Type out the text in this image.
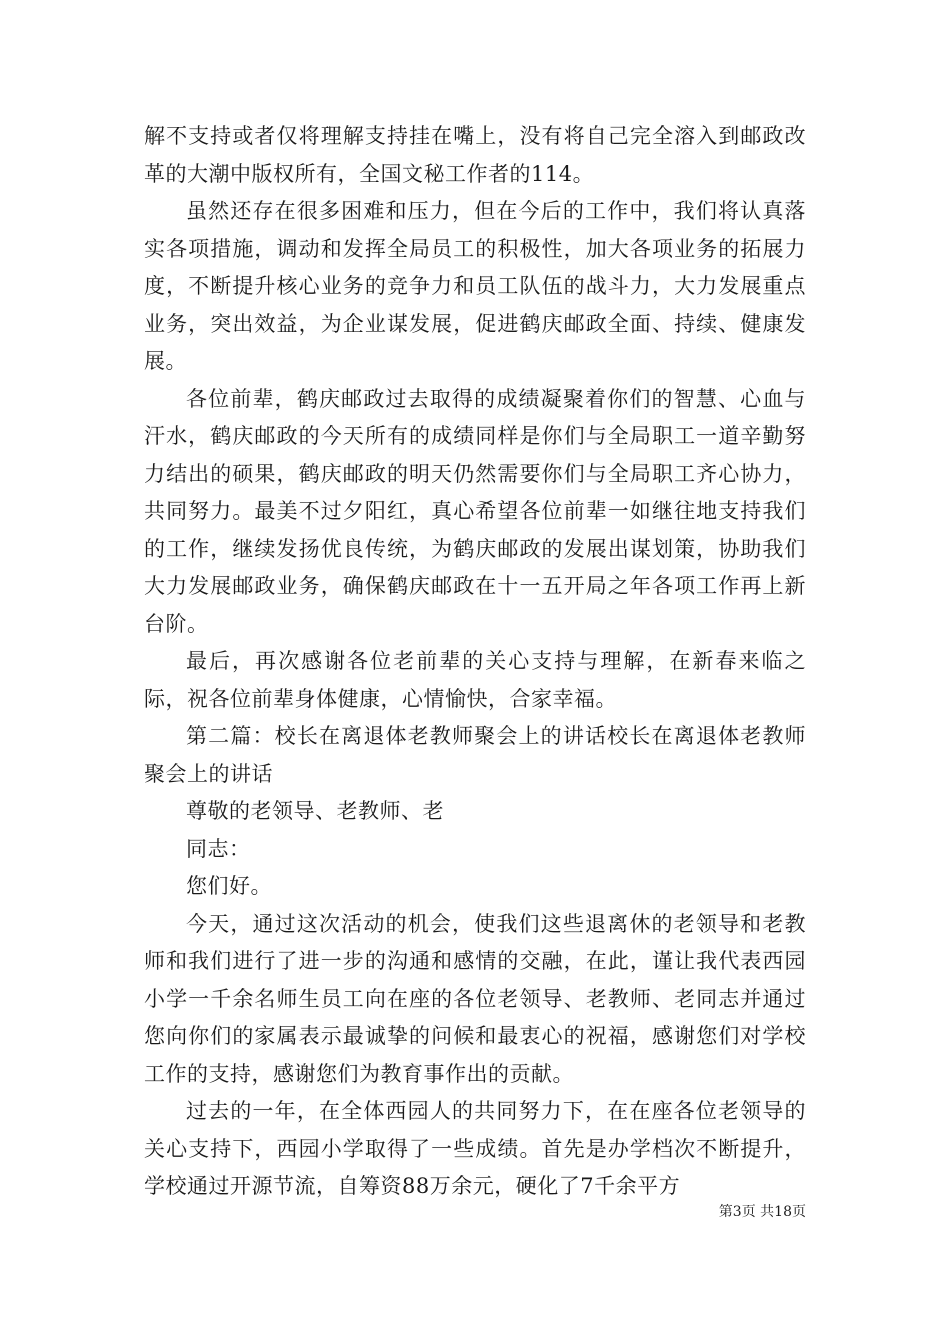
解不支持或者仅将理解支持挂在嘴上，没有将自己完全溶入到邮政改革的大潮中版权所有，全国文秘工作者的114。

虽然还存在很多困难和压力，但在今后的工作中，我们将认真落实各项措施，调动和发挥全局员工的积极性，加大各项业务的拓展力度，不断提升核心业务的竞争力和员工队伍的战斗力，大力发展重点业务，突出效益，为企业谋发展，促进鹤庆邮政全面、持续、健康发展。

各位前辈，鹤庆邮政过去取得的成绩凝聚着你们的智慧、心血与汗水，鹤庆邮政的今天所有的成绩同样是你们与全局职工一道辛勤努力结出的硕果，鹤庆邮政的明天仍然需要你们与全局职工齐心协力，共同努力。最美不过夕阳红，真心希望各位前辈一如继往地支持我们的工作，继续发扬优良传统，为鹤庆邮政的发展出谋划策，协助我们大力发展邮政业务，确保鹤庆邮政在十一五开局之年各项工作再上新台阶。

最后，再次感谢各位老前辈的关心支持与理解，在新春来临之际，祝各位前辈身体健康，心情愉快，合家幸福。

第二篇：校长在离退体老教师聚会上的讲话校长在离退体老教师聚会上的讲话

尊敬的老领导、老教师、老

同志：

您们好。

今天，通过这次活动的机会，使我们这些退离休的老领导和老教师和我们进行了进一步的沟通和感情的交融，在此，谨让我代表西园小学一千余名师生员工向在座的各位老领导、老教师、老同志并通过您向你们的家属表示最诚挚的问候和最衷心的祝福，感谢您们对学校工作的支持，感谢您们为教育事作出的贡献。

过去的一年，在全体西园人的共同努力下，在在座各位老领导的关心支持下，西园小学取得了一些成绩。首先是办学档次不断提升，学校通过开源节流，自筹资88万余元，硬化了7千余平方

第3页 共18页
